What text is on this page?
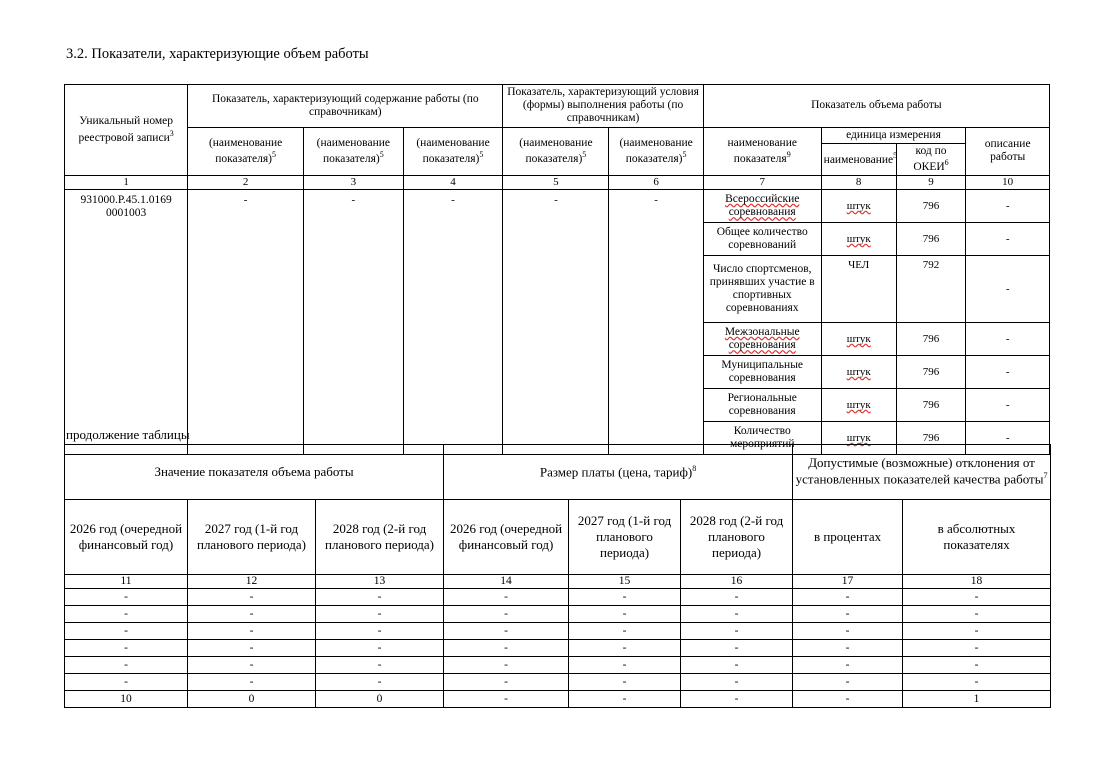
3.2. Показатели, характеризующие объем работы
Уникальный номер реестровой записи$^3$	Показатель, характеризующий содержание работы (по справочникам)			Показатель, характеризующий условия (формы) выполнения работы (по справочникам)		Показатель объема работы			
	(наименование показателя)$^5$	(наименование показателя)$^5$	(наименование показателя)$^5$	(наименование показателя)$^5$	(наименование показателя)$^5$	наименование показателя$^9$	единица измерения		описание работы
							наименование$^5$	код по ОКЕИ$^6$
1	2	3	4	5	6	7	8	9	10
931000.Р.45.1.0169 0001003	-	-	-	-	-	Всероссийские соревнования	штук	796	-
						Общее количество соревнований	штук	796	-
						Число спортсменов, принявших участие в спортивных соревнованиях	ЧЕЛ	792	-
						Межзональные соревнования	штук	796	-
						Муниципальные соревнования	штук	796	-
						Региональные соревнования	штук	796	-
						Количество мероприятий	штук	796	-
продолжение таблицы
Значение показателя объема работы			Размер платы (цена, тариф)$^8$			Допустимые (возможные) отклонения от установленных показателей качества работы$^7$
2026 год (очередной финансовый год)	2027 год (1-й год планового периода)	2028 год (2-й год планового периода)	2026 год (очередной финансовый год)	2027 год (1-й год планового периода)	2028 год (2-й год планового периода)	в процентах	в абсолютных показателях
11	12	13	14	15	16	17	18
-	-	-	-	-	-	-	-
-	-	-	-	-	-	-	-
-	-	-	-	-	-	-	-
-	-	-	-	-	-	-	-
-	-	-	-	-	-	-	-
-	-	-	-	-	-	-	-
10	0	0	-	-	-	-	1
